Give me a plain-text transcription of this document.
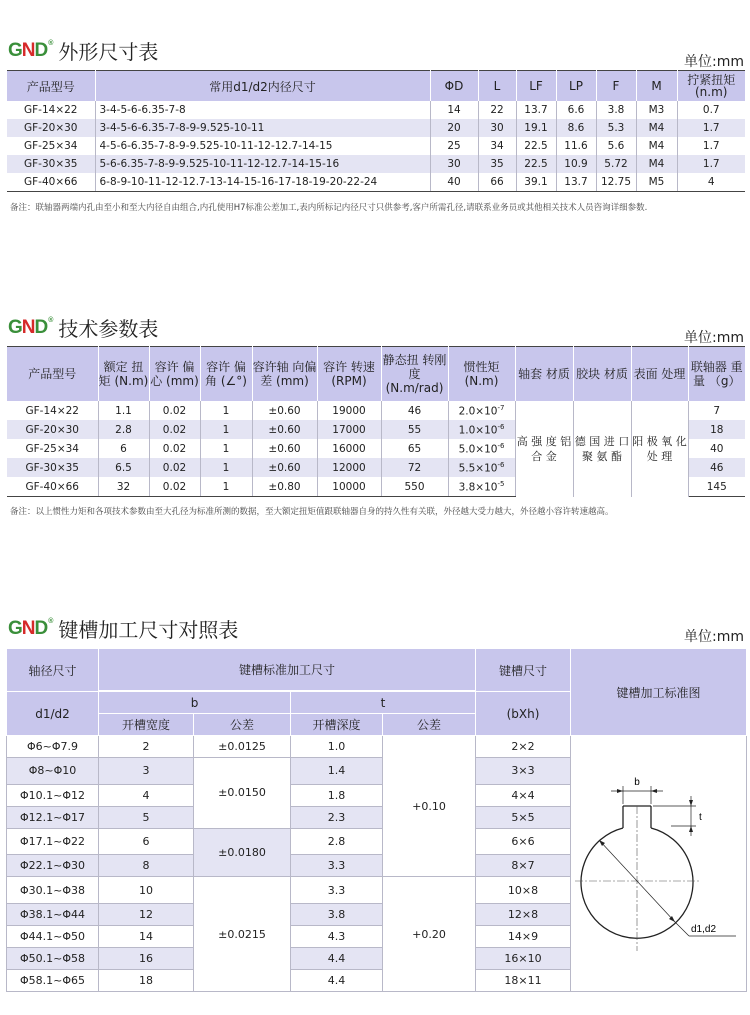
G N D ® 外形尺寸表	单位:mm
产品型号	常用d1/d2内径尺寸	ΦD	L	LF	LP	F	M	拧紧扭矩
(n.m)
GF-14×22	3-4-5-6-6.35-7-8	14	22	13.7	6.6	3.8	M3	0.7
GF-20×30	3-4-5-6-6.35-7-8-9-9.525-10-11	20	30	19.1	8.6	5.3	M4	1.7
GF-25×34	4-5-6-6.35-7-8-9-9.525-10-11-12-12.7-14-15	25	34	22.5	11.6	5.6	M4	1.7
GF-30×35	5-6-6.35-7-8-9-9.525-10-11-12-12.7-14-15-16	30	35	22.5	10.9	5.72	M4	1.7
GF-40×66	6-8-9-10-11-12-12.7-13-14-15-16-17-18-19-20-22-24	40	66	39.1	13.7	12.75	M5	4
备注：联轴器两端内孔由至小和至大内径自由组合,内孔使用H7标准公差加工,表内所标记内径尺寸只供参考,客户所需孔径,请联系业务员或其他相关技术人员咨询详细参数.
G N D ® 技术参数表	单位:mm
产品型号	额定 扭矩 (N.m)	容许 偏心 (mm)	容许 偏角 (∠°)	容许轴 向偏差 (mm)	容许 转速 (RPM)	静态扭 转刚度 (N.m/rad)	惯性矩 (N.m)	轴套 材质	胶块 材质	表面 处理	联轴器 重量 （g）
GF-14×22	1.1	0.02	1	±0.60	19000	46	$2.0\times 10^{-7}$	高 强 度 铝 合 金	德 国 进 口 聚 氨 酯	阳 极 氧 化 处 理	7
GF-20×30	2.8	0.02	1	±0.60	17000	55	$1.0\times 10^{-6}$				18
GF-25×34	6	0.02	1	±0.60	16000	65	$5.0\times 10^{-6}$				40
GF-30×35	6.5	0.02	1	±0.60	12000	72	$5.5\times 10^{-6}$				46
GF-40×66	32	0.02	1	±0.80	10000	550	$3.8\times 10^{-5}$				145
备注：以上惯性力矩和各项技术参数由至大孔径为标准所测的数据，至大额定扭矩值跟联轴器自身的持久性有关联，外径越大受力越大，外径越小容许转速越高。
G N D ® 键槽加工尺寸对照表	单位:mm
轴径尺寸	键槽标准加工尺寸				键槽尺寸	键槽加工标准图

d1/d2	b		t		(bXh)	
	开槽宽度	公差	开槽深度	公差		
Φ6~Φ7.9	2	±0.0125	1.0	+0.10	2×2	b
t
d1,d2

Φ8~Φ10	3	±0.0150	1.4		3×3	
Φ10.1~Φ12	4		1.8		4×4	
Φ12.1~Φ17	5		2.3		5×5	
Φ17.1~Φ22	6	±0.0180	2.8		6×6	
Φ22.1~Φ30	8		3.3		8×7	
Φ30.1~Φ38	10	±0.0215	3.3	+0.20	10×8	
Φ38.1~Φ44	12		3.8		12×8	
Φ44.1~Φ50	14		4.3		14×9	
Φ50.1~Φ58	16		4.4		16×10	
Φ58.1~Φ65	18		4.4		18×11	
